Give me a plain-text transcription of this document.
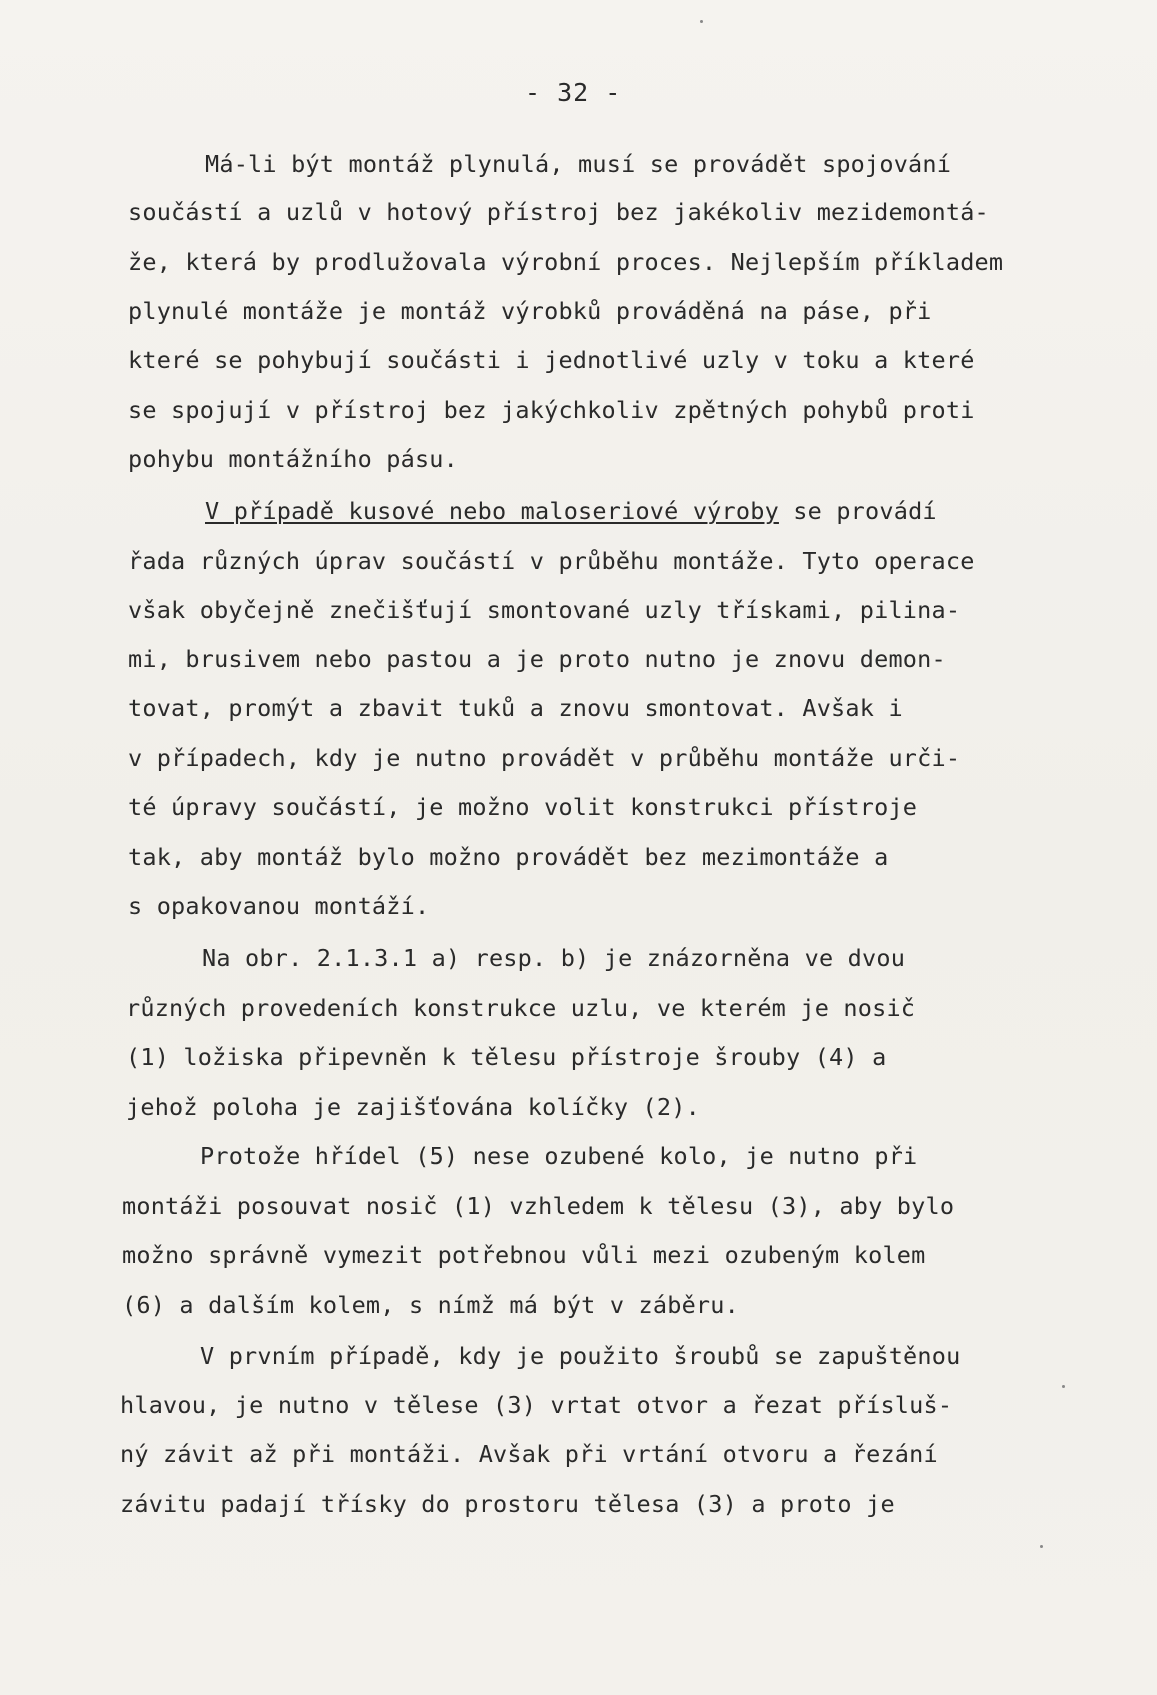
- 32 -
Má-li být montáž plynulá, musí se provádět spojování
součástí a uzlů v hotový přístroj bez jakékoliv mezidemontá-
že, která by prodlužovala výrobní proces. Nejlepším příkladem
plynulé montáže je montáž výrobků prováděná na páse, při
které se pohybují součásti i jednotlivé uzly v toku a které
se spojují v přístroj bez jakýchkoliv zpětných pohybů proti
pohybu montážního pásu.
V případě kusové nebo maloseriové výroby se provádí
řada různých úprav součástí v průběhu montáže. Tyto operace
však obyčejně znečišťují smontované uzly třískami, pilina-
mi, brusivem nebo pastou a je proto nutno je znovu demon-
tovat, promýt a zbavit tuků a znovu smontovat. Avšak i
v případech, kdy je nutno provádět v průběhu montáže urči-
té úpravy součástí, je možno volit konstrukci přístroje
tak, aby montáž bylo možno provádět bez mezimontáže a
s opakovanou montáží.
Na obr. 2.1.3.1 a) resp. b) je znázorněna ve dvou
různých provedeních konstrukce uzlu, ve kterém je nosič
(1) ložiska připevněn k tělesu přístroje šrouby (4) a
jehož poloha je zajišťována kolíčky (2).
Protože hřídel (5) nese ozubené kolo, je nutno při
montáži posouvat nosič (1) vzhledem k tělesu (3), aby bylo
možno správně vymezit potřebnou vůli mezi ozubeným kolem
(6) a dalším kolem, s nímž má být v záběru.
V prvním případě, kdy je použito šroubů se zapuštěnou
hlavou, je nutno v tělese (3) vrtat otvor a řezat přísluš-
ný závit až při montáži. Avšak při vrtání otvoru a řezání
závitu padají třísky do prostoru tělesa (3) a proto je
